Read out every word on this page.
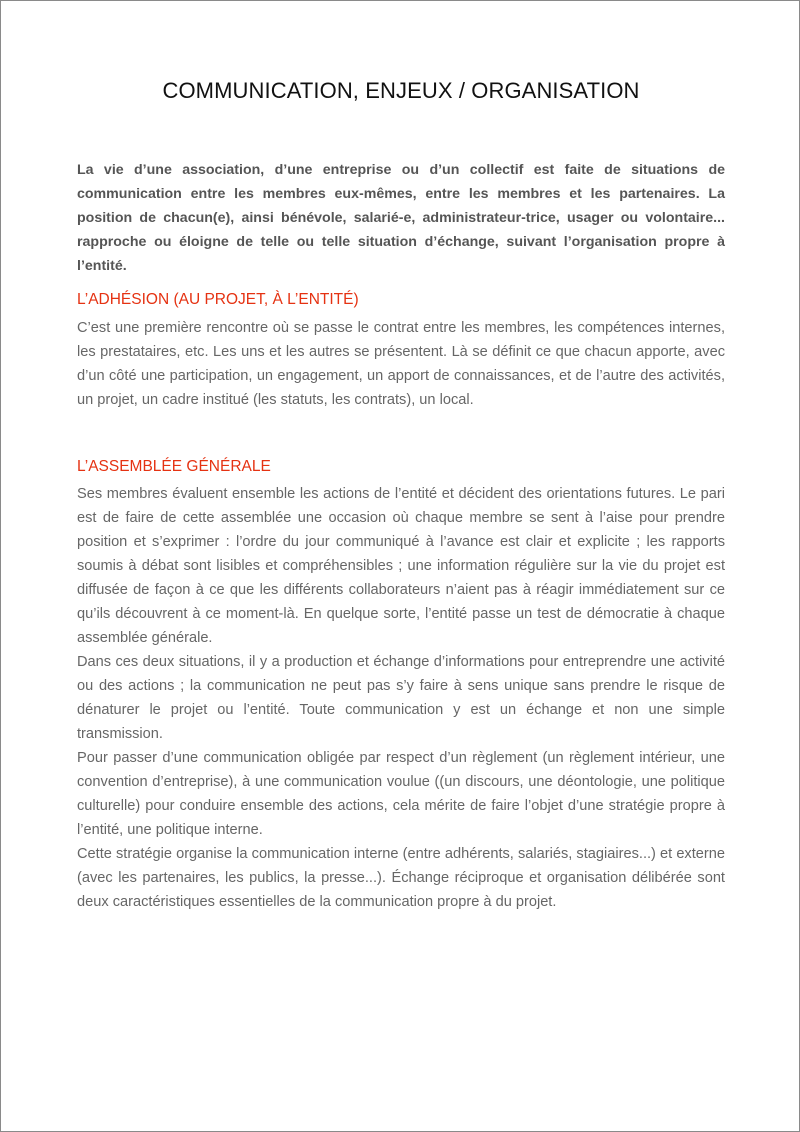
COMMUNICATION, ENJEUX / ORGANISATION

La vie d’une association, d’une entreprise ou d’un collectif est faite de situations de communication entre les membres eux-mêmes, entre les membres et les partenaires. La position de chacun(e), ainsi bénévole, salarié-e, administrateur-trice, usager ou volontaire... rapproche ou éloigne de telle ou telle situation d’échange, suivant l’organisation propre à l’entité.

L’ADHÉSION (AU PROJET, À L’ENTITÉ)

C’est une première rencontre où se passe le contrat entre les membres, les compétences internes, les prestataires, etc. Les uns et les autres se présentent. Là se définit ce que chacun apporte, avec d’un côté une participation, un engagement, un apport de connaissances, et de l’autre des activités, un projet, un cadre institué (les statuts, les contrats), un local.

L’ASSEMBLÉE GÉNÉRALE

Ses membres évaluent ensemble les actions de l’entité et décident des orientations futures. Le pari est de faire de cette assemblée une occasion où chaque membre se sent à l’aise pour prendre position et s’exprimer : l’ordre du jour communiqué à l’avance est clair et explicite ; les rapports soumis à débat sont lisibles et compréhensibles ; une information régulière sur la vie du projet est diffusée de façon à ce que les différents collaborateurs n’aient pas à réagir immédiatement sur ce qu’ils découvrent à ce moment-là. En quelque sorte, l’entité passe un test de démocratie à chaque assemblée générale.

Dans ces deux situations, il y a production et échange d’informations pour entreprendre une activité ou des actions ; la communication ne peut pas s’y faire à sens unique sans prendre le risque de dénaturer le projet ou l’entité. Toute communication y est un échange et non une simple transmission.

Pour passer d’une communication obligée par respect d’un règlement (un règlement intérieur, une convention d’entreprise), à une communication voulue ((un discours, une déontologie, une politique culturelle) pour conduire ensemble des actions, cela mérite de faire l’objet d’une stratégie propre à l’entité, une politique interne.

Cette stratégie organise la communication interne (entre adhérents, salariés, stagiaires...) et externe (avec les partenaires, les publics, la presse...). Échange réciproque et organisation délibérée sont deux caractéristiques essentielles de la communication propre à du projet.
